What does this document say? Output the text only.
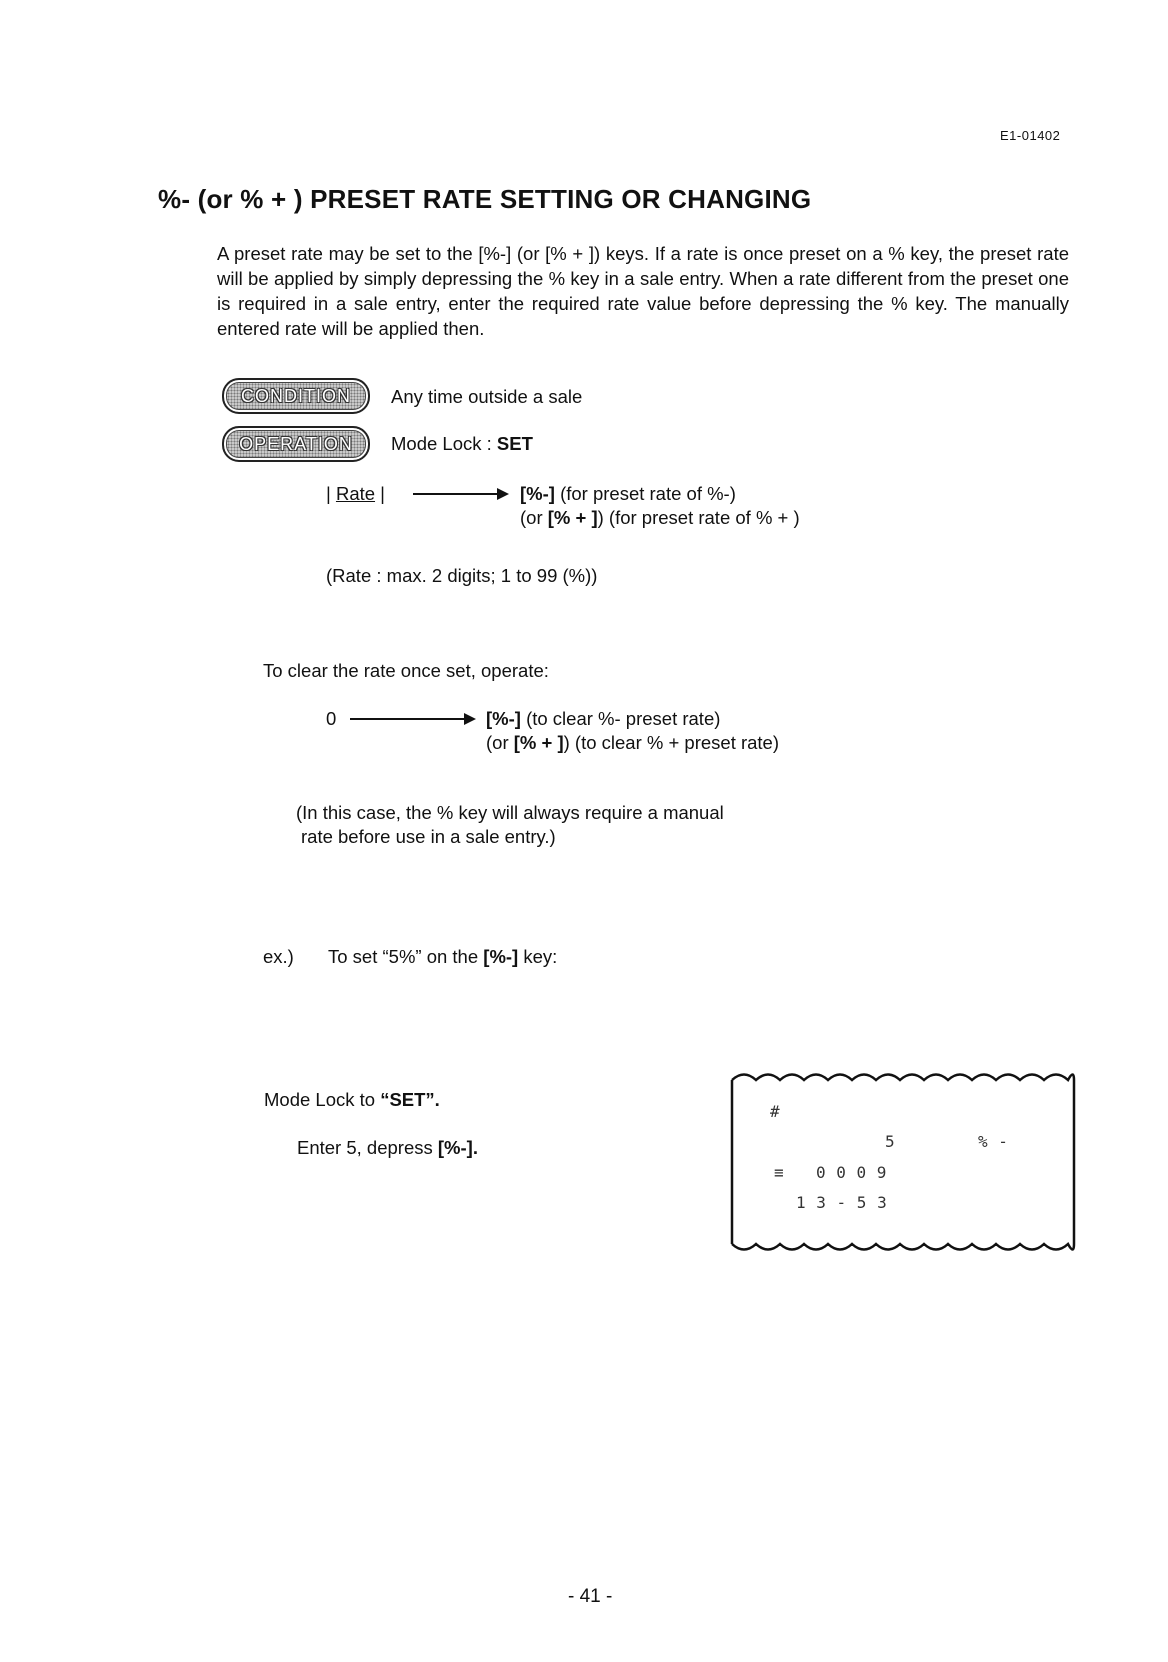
E1-01402
%- (or % + ) PRESET RATE SETTING OR CHANGING
A preset rate may be set to the [%-] (or [% + ]) keys. If a rate is once preset on a % key, the preset rate will be applied by simply depressing the % key in a sale entry. When a rate different from the preset one is required in a sale entry, enter the required rate value before depressing the % key. The manually entered rate will be applied then.
CONDITION	Any time outside a sale
OPERATION	Mode Lock : SET
| Rate |	[%-] (for preset rate of %-)
(or [% + ]) (for preset rate of % + )
(Rate : max. 2 digits; 1 to 99 (%))
To clear the rate once set, operate:
0	[%-] (to clear %- preset rate)
(or [% + ]) (to clear % + preset rate)
(In this case, the % key will always require a manual
rate before use in a sale entry.)
ex.) To set “5%” on the [%-] key:
Mode Lock to “SET”.
Enter 5, depress [%-].
#
5	% -
≡ 0 0 0 9
1 3 - 5 3
- 41 -
